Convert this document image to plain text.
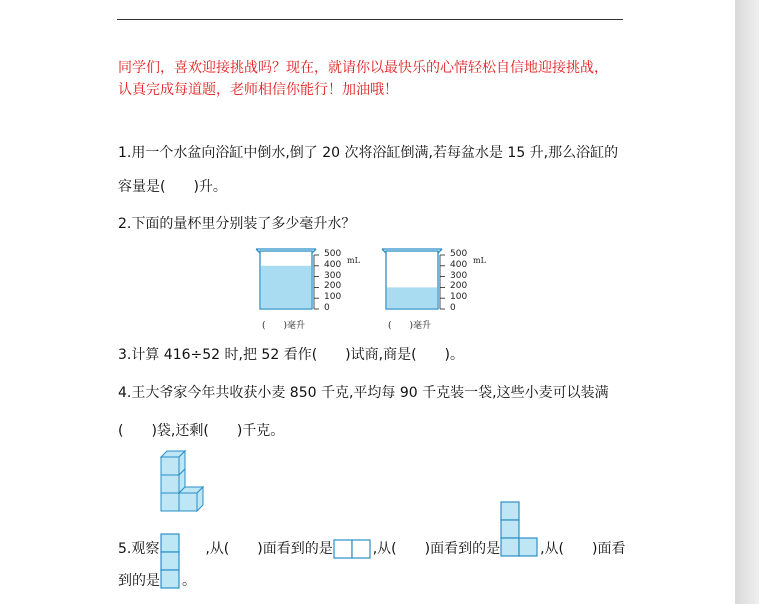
同学们，喜欢迎接挑战吗？现在，就请你以最快乐的心情轻松自信地迎接挑战，
认真完成每道题，老师相信你能行！加油哦！
1.用一个水盆向浴缸中倒水,倒了 20 次将浴缸倒满,若每盆水是 15 升,那么浴缸的
容量是(　　)升。
2.下面的量杯里分别装了多少毫升水？
500
400
300
200
100
0
mL
(　　)毫升
500
400
300
200
100
0
mL
(　　)毫升
3.计算 416÷52 时,把 52 看作(　　)试商,商是(　　)。
4.王大爷家今年共收获小麦 850 千克,平均每 90 千克装一袋,这些小麦可以装满
(　　)袋,还剩(　　)千克。
5.观察	,从(　　)面看到的是	,从(　　)面看到的是	,从(　　)面看
到的是 。
